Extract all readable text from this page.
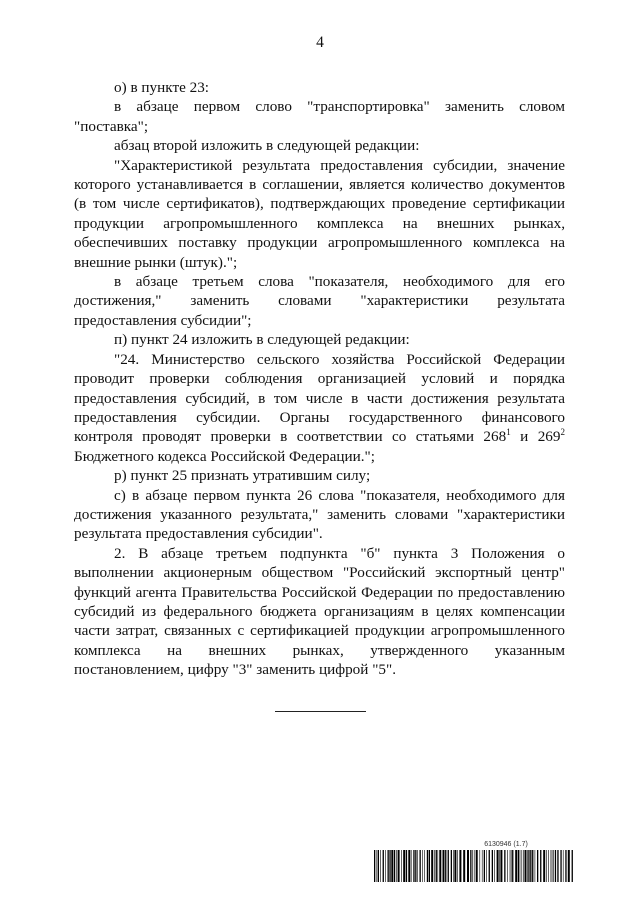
4

о) в пункте 23:

в абзаце первом слово "транспортировка" заменить словом "поставка";

абзац второй изложить в следующей редакции:

"Характеристикой результата предоставления субсидии, значение которого устанавливается в соглашении, является количество документов (в том числе сертификатов), подтверждающих проведение сертификации продукции агропромышленного комплекса на внешних рынках, обеспечивших поставку продукции агропромышленного комплекса на внешние рынки (штук).";

в абзаце третьем слова "показателя, необходимого для его достижения," заменить словами "характеристики результата предоставления субсидии";

п) пункт 24 изложить в следующей редакции:

"24. Министерство сельского хозяйства Российской Федерации проводит проверки соблюдения организацией условий и порядка предоставления субсидий, в том числе в части достижения результата предоставления субсидии. Органы государственного финансового контроля проводят проверки в соответствии со статьями $268^1$ и $269^2$ Бюджетного кодекса Российской Федерации.";

р) пункт 25 признать утратившим силу;

с) в абзаце первом пункта 26 слова "показателя, необходимого для достижения указанного результата," заменить словами "характеристики результата предоставления субсидии".

2. В абзаце третьем подпункта "б" пункта 3 Положения о выполнении акционерным обществом "Российский экспортный центр" функций агента Правительства Российской Федерации по предоставлению субсидий из федерального бюджета организациям в целях компенсации части затрат, связанных с сертификацией продукции агропромышленного комплекса на внешних рынках, утвержденного указанным постановлением, цифру "3" заменить цифрой "5".

6130946 (1.7)
